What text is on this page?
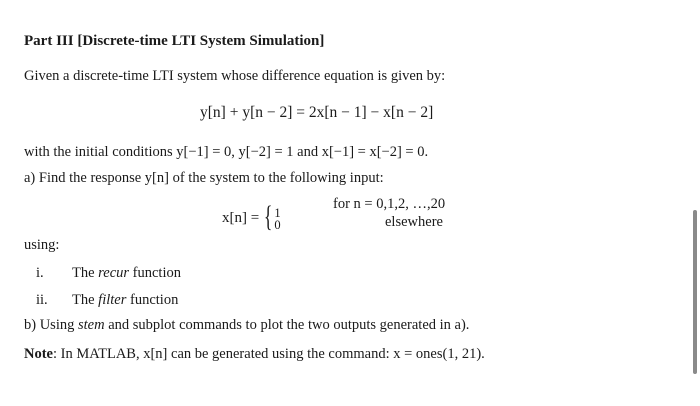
Part III [Discrete-time LTI System Simulation]
Given a discrete-time LTI system whose difference equation is given by:
y[n] + y[n − 2] = 2x[n − 1] − x[n − 2]
with the initial conditions y[−1] = 0, y[−2] = 1 and x[−1] = x[−2] = 0.
a) Find the response y[n] of the system to the following input:
x[n] = { 1
0
for n = 0,1,2, …,20
elsewhere
using:
i. The recur function
ii. The filter function
b) Using stem and subplot commands to plot the two outputs generated in a).
Note: In MATLAB, x[n] can be generated using the command: x = ones(1, 21).
